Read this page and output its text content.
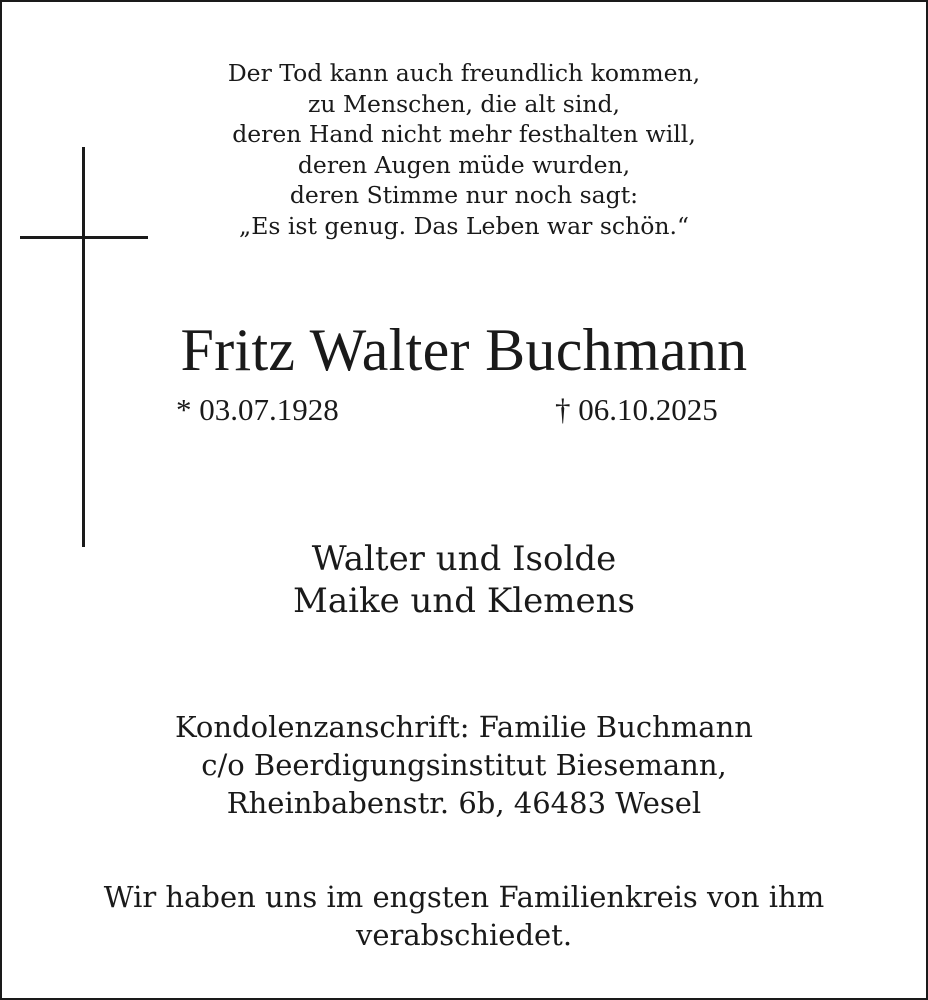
Der Tod kann auch freundlich kommen,
zu Menschen, die alt sind,
deren Hand nicht mehr festhalten will,
deren Augen müde wurden,
deren Stimme nur noch sagt:
„Es ist genug. Das Leben war schön.“
Fritz Walter Buchmann
* 03.07.1928	† 06.10.2025
Walter und Isolde
Maike und Klemens
Kondolenzanschrift: Familie Buchmann
c/o Beerdigungsinstitut Biesemann,
Rheinbabenstr. 6b, 46483 Wesel
Wir haben uns im engsten Familienkreis von ihm
verabschiedet.
